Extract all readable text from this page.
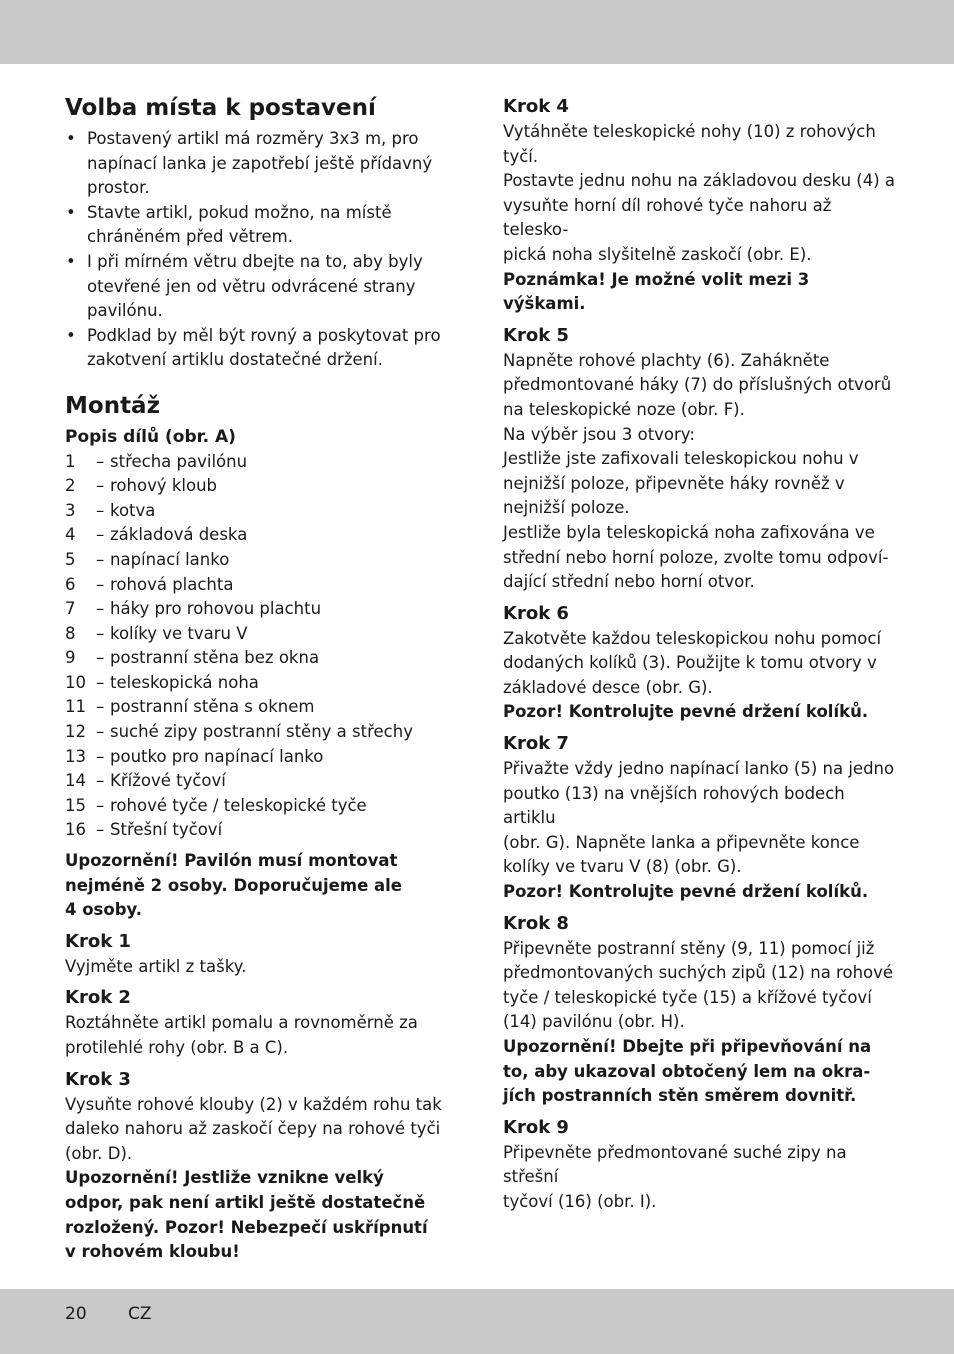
Volba místa k postavení
• Postavený artikl má rozměry 3x3 m, pro napínací lanka je zapotřebí ještě přídavný prostor.
• Stavte artikl, pokud možno, na místě chráněném před větrem.
• I při mírném větru dbejte na to, aby byly otevřené jen od větru odvrácené strany pavilónu.
• Podklad by měl být rovný a poskytovat pro zakotvení artiklu dostatečné držení.
Montáž
Popis dílů (obr. A)
1	– střecha pavilónu
2	– rohový kloub
3	– kotva
4	– základová deska
5	– napínací lanko
6	– rohová plachta
7	– háky pro rohovou plachtu
8	– kolíky ve tvaru V
9	– postranní stěna bez okna
10 – teleskopická noha
11 – postranní stěna s oknem
12 – suché zipy postranní stěny a střechy
13 – poutko pro napínací lanko
14 – Křížové tyčoví
15 – rohové tyče / teleskopické tyče
16 – Střešní tyčoví
Upozornění! Pavilón musí montovat
nejméně 2 osoby. Doporučujeme ale
4 osoby.
Krok 1
Vyjměte artikl z tašky.
Krok 2
Roztáhněte artikl pomalu a rovnoměrně za
protilehlé rohy (obr. B a C).
Krok 3
Vysuňte rohové klouby (2) v každém rohu tak
daleko nahoru až zaskočí čepy na rohové tyči
(obr. D).
Upozornění! Jestliže vznikne velký
odpor, pak není artikl ještě dostatečně
rozložený. Pozor! Nebezpečí uskřípnutí
v rohovém kloubu!
Krok 4
Vytáhněte teleskopické nohy (10) z rohových
tyčí.
Postavte jednu nohu na základovou desku (4) a
vysuňte horní díl rohové tyče nahoru až telesko-
pická noha slyšitelně zaskočí (obr. E).
Poznámka! Je možné volit mezi 3
výškami.
Krok 5
Napněte rohové plachty (6). Zahákněte
předmontované háky (7) do příslušných otvorů
na teleskopické noze (obr. F).
Na výběr jsou 3 otvory:
Jestliže jste zafixovali teleskopickou nohu v
nejnižší poloze, připevněte háky rovněž v
nejnižší poloze.
Jestliže byla teleskopická noha zafixována ve
střední nebo horní poloze, zvolte tomu odpoví-
dající střední nebo horní otvor.
Krok 6
Zakotvěte každou teleskopickou nohu pomocí
dodaných kolíků (3). Použijte k tomu otvory v
základové desce (obr. G).
Pozor! Kontrolujte pevné držení kolíků.
Krok 7
Přivažte vždy jedno napínací lanko (5) na jedno
poutko (13) na vnějších rohových bodech artiklu
(obr. G). Napněte lanka a připevněte konce
kolíky ve tvaru V (8) (obr. G).
Pozor! Kontrolujte pevné držení kolíků.
Krok 8
Připevněte postranní stěny (9, 11) pomocí již
předmontovaných suchých zipů (12) na rohové
tyče / teleskopické tyče (15) a křížové tyčoví
(14) pavilónu (obr. H).
Upozornění! Dbejte při připevňování na
to, aby ukazoval obtočený lem na okra-
jích postranních stěn směrem dovnitř.
Krok 9
Připevněte předmontované suché zipy na střešní
tyčoví (16) (obr. I).
20 CZ
